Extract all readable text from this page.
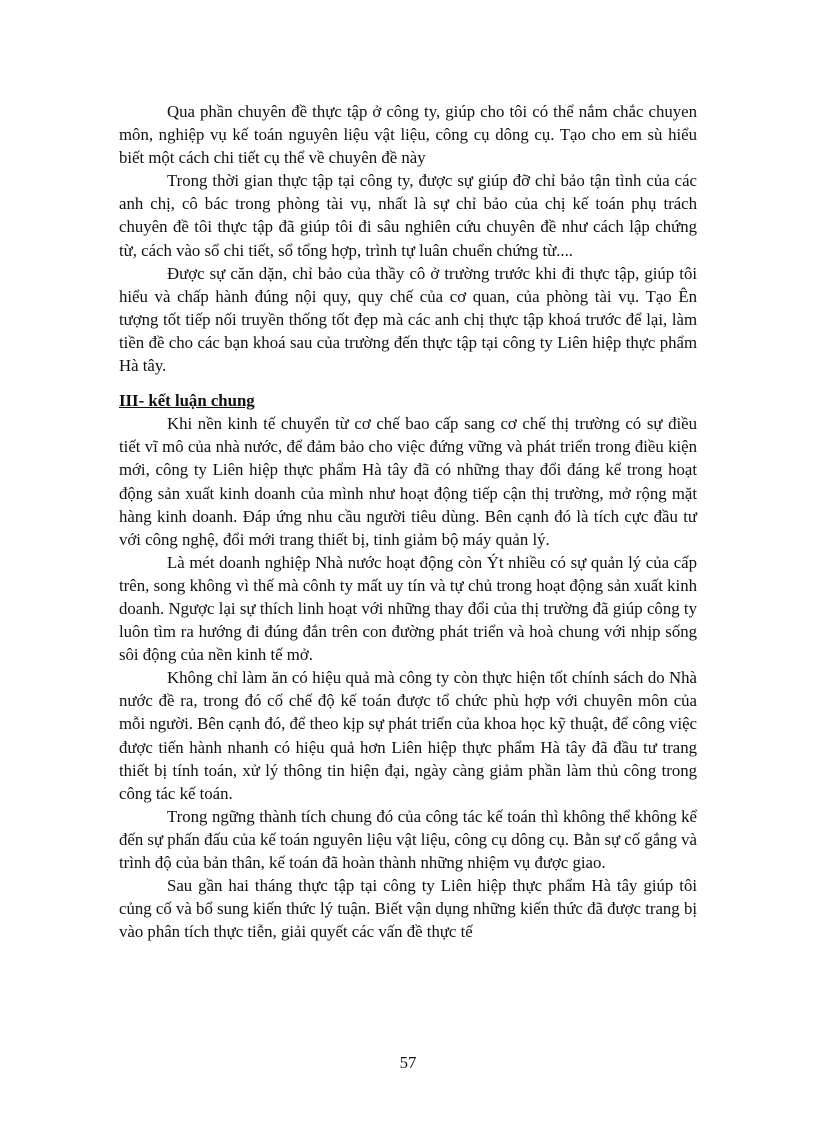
Qua phần chuyên đề thực tập ở công ty, giúp cho tôi có thể nắm chắc chuyen môn, nghiệp vụ kế toán nguyên liệu vật liệu, công cụ dông cụ. Tạo cho em sù hiểu biết một cách chi tiết cụ thể về chuyên đề này

Trong thời gian thực tập tại công ty, được sự giúp đỡ chỉ bảo tận tình của các anh chị, cô bác trong phòng tài vụ, nhất là sự chỉ bảo của chị kế toán phụ trách chuyên đề tôi thực tập đã giúp tôi đi sâu nghiên cứu chuyên đề như cách lập chứng từ, cách vào sổ chi tiết, sổ tổng hợp, trình tự luân chuển chứng từ....

Được sự căn dặn, chỉ bảo của thầy cô ở trường trước khi đi thực tập, giúp tôi hiểu và chấp hành đúng nội quy, quy chế của cơ quan, của phòng tài vụ. Tạo Ên tượng tốt tiếp nối truyền thống tốt đẹp mà các anh chị thực tập khoá trước để lại, làm tiền đề cho các bạn khoá sau của trường đến thực tập tại công ty Liên hiệp thực phẩm Hà tây.

III- kết luận chung

Khi nền kinh tế chuyển từ cơ chế bao cấp sang cơ chế thị trường có sự điều tiết vĩ mô của nhà nước, để đảm bảo cho việc đứng vững và phát triển trong điều kiện mới, công ty Liên hiệp thực phẩm Hà tây đã có những thay đổi đáng kể trong hoạt động sản xuất kinh doanh của mình như hoạt động tiếp cận thị trường, mở rộng mặt hàng kinh doanh. Đáp ứng nhu cầu người tiêu dùng. Bên cạnh đó là tích cực đầu tư với công nghệ, đổi mới trang thiết bị, tinh giảm bộ máy quản lý.

Là mét doanh nghiệp Nhà nước hoạt động còn Ýt nhiều có sự quản lý của cấp trên, song không vì thế mà cônh ty mất uy tín và tự chủ trong hoạt động sản xuất kinh doanh. Ngược lại sự thích linh hoạt với những thay đổi của thị trường đã giúp công ty luôn tìm ra hướng đi đúng đắn trên con đường phát triển và hoà chung với nhịp sống sôi động của nền kinh tế mở.

Không chỉ làm ăn có hiệu quả mà công ty còn thực hiện tốt chính sách do Nhà nước đề ra, trong đó cố chế độ kế toán được tổ chức phù hợp với chuyên môn của mỗi người. Bên cạnh đó, để theo kịp sự phát triển của khoa học kỹ thuật, để công việc được tiến hành nhanh có hiệu quả hơn Liên hiệp thực phẩm Hà tây đã đầu tư trang thiết bị tính toán, xử lý thông tin hiện đại, ngày càng giảm phần làm thủ công trong công tác kế toán.

Trong ngững thành tích chung đó của công tác kế toán thì không thể không kể đến sự phấn đấu của kế toán nguyên liệu vật liệu, công cụ dông cụ. Bằn sự cố gắng và trình độ của bản thân, kế toán đã hoàn thành những nhiệm vụ được giao.

Sau gần hai tháng thực tập tại công ty Liên hiệp thực phẩm Hà tây giúp tôi củng cố và bổ sung kiến thức lý tuận. Biết vận dụng những kiến thức đã được trang bị vào phân tích thực tiễn, giải quyết các vấn đề thực tế

57
